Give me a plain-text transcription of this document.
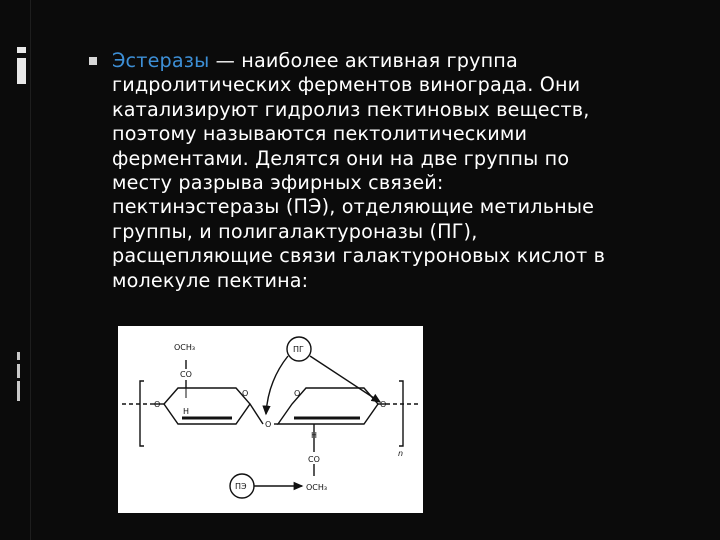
Эстеразы — наиболее активная группа
гидролитических ферментов винограда. Они
катализируют гидролиз пектиновых веществ,
поэтому называются пектолитическими
ферментами. Делятся они на две группы по
месту разрыва эфирных связей:
пектинэстеразы (ПЭ), отделяющие метильные
группы, и полигалактуроназы (ПГ),
расщепляющие связи галактуроновых кислот в
молекуле пектина:
OCH₃
CO
H
O
O
O
H
CO
OCH₃
O	O
ПГ
ПЭ
n
